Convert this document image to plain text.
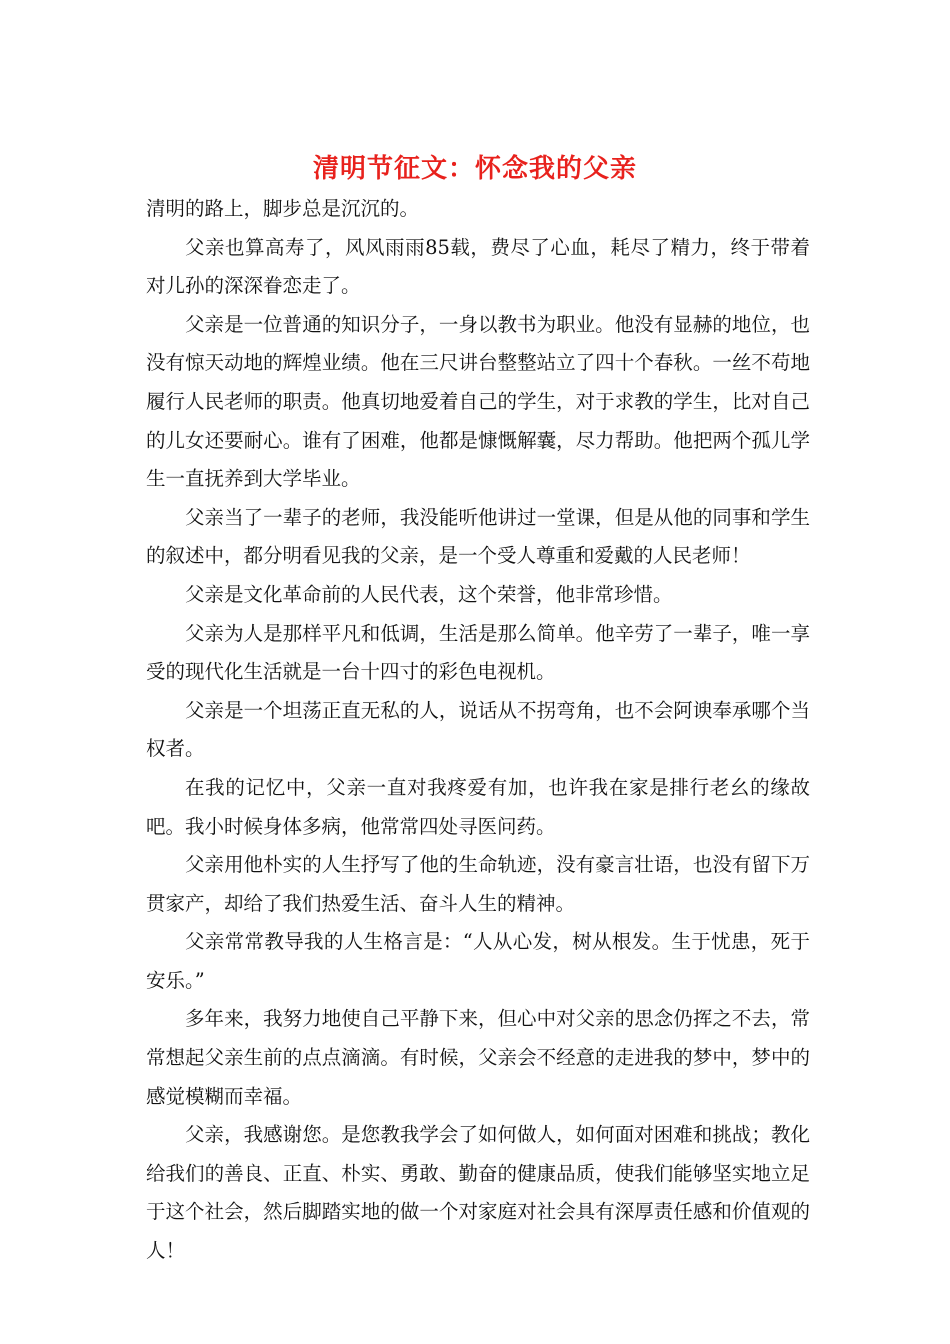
清明节征文：怀念我的父亲

清明的路上，脚步总是沉沉的。

父亲也算高寿了，风风雨雨85载，费尽了心血，耗尽了精力，终于带着对儿孙的深深眷恋走了。

父亲是一位普通的知识分子，一身以教书为职业。他没有显赫的地位，也没有惊天动地的辉煌业绩。他在三尺讲台整整站立了四十个春秋。一丝不苟地履行人民老师的职责。他真切地爱着自己的学生，对于求教的学生，比对自己的儿女还要耐心。谁有了困难，他都是慷慨解囊，尽力帮助。他把两个孤儿学生一直抚养到大学毕业。

父亲当了一辈子的老师，我没能听他讲过一堂课，但是从他的同事和学生的叙述中，都分明看见我的父亲，是一个受人尊重和爱戴的人民老师！

父亲是文化革命前的人民代表，这个荣誉，他非常珍惜。

父亲为人是那样平凡和低调，生活是那么简单。他辛劳了一辈子，唯一享受的现代化生活就是一台十四寸的彩色电视机。

父亲是一个坦荡正直无私的人，说话从不拐弯角，也不会阿谀奉承哪个当权者。

在我的记忆中，父亲一直对我疼爱有加，也许我在家是排行老幺的缘故吧。我小时候身体多病，他常常四处寻医问药。

父亲用他朴实的人生抒写了他的生命轨迹，没有豪言壮语，也没有留下万贯家产，却给了我们热爱生活、奋斗人生的精神。

父亲常常教导我的人生格言是：“人从心发，树从根发。生于忧患，死于安乐。”

多年来，我努力地使自己平静下来，但心中对父亲的思念仍挥之不去，常常想起父亲生前的点点滴滴。有时候，父亲会不经意的走进我的梦中，梦中的感觉模糊而幸福。

父亲，我感谢您。是您教我学会了如何做人，如何面对困难和挑战；教化给我们的善良、正直、朴实、勇敢、勤奋的健康品质，使我们能够坚实地立足于这个社会，然后脚踏实地的做一个对家庭对社会具有深厚责任感和价值观的人！
